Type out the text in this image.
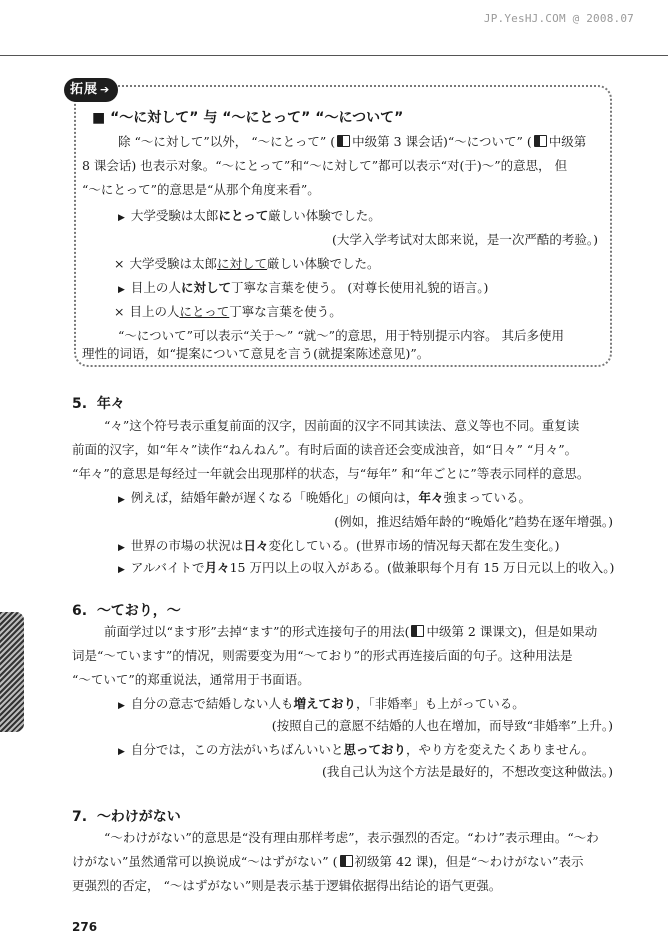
JP.YesHJ.COM @ 2008.07
拓展 ➔
■ “～に対して” 与 “～にとって” “～について”
除 “～に対して”以外， “～にとって” ( 中级第 3 课会话)“～について” ( 中级第
8 课会话) 也表示对象。“～にとって”和“～に対して”都可以表示“对(于)～”的意思， 但
“～にとって”的意思是“从那个角度来看”。
▶ 大学受験は太郎にとって厳しい体験でした。
(大学入学考试对太郎来说，是一次严酷的考验。)
× 大学受験は太郎に対して厳しい体験でした。
▶ 目上の人に対して丁寧な言葉を使う。 (对尊长使用礼貌的语言。)
× 目上の人にとって丁寧な言葉を使う。
“～について”可以表示“关于～” “就～”的意思，用于特别提示内容。 其后多使用
理性的词语，如“提案について意見を言う(就提案陈述意见)”。
5. 年々
“々”这个符号表示重复前面的汉字，因前面的汉字不同其读法、意义等也不同。重复读
前面的汉字，如“年々”读作“ねんねん”。有时后面的读音还会变成浊音，如“日々” “月々”。
“年々”的意思是每经过一年就会出现那样的状态，与“毎年” 和“年ごとに”等表示同样的意思。
▶ 例えば，結婚年齢が遅くなる「晩婚化」の傾向は，年々強まっている。
(例如，推迟结婚年龄的“晚婚化”趋势在逐年增强。)
▶ 世界の市場の状況は日々変化している。(世界市场的情况每天都在发生变化。)
▶ アルバイトで月々15 万円以上の収入がある。(做兼职每个月有 15 万日元以上的收入。)
6. ～ており，～
前面学过以“ます形”去掉“ます”的形式连接句子的用法( 中级第 2 课课文)，但是如果动
词是“～ています”的情况，则需要变为用“～ており”的形式再连接后面的句子。这种用法是
“～ていて”的郑重说法，通常用于书面语。
▶ 自分の意志で結婚しない人も増えており，「非婚率」も上がっている。
(按照自己的意愿不结婚的人也在增加，而导致“非婚率”上升。)
▶ 自分では，この方法がいちばんいいと思っており，やり方を変えたくありません。
(我自己认为这个方法是最好的，不想改变这种做法。)
7. ～わけがない
“～わけがない”的意思是“没有理由那样考虑”，表示强烈的否定。“わけ”表示理由。“～わ
けがない”虽然通常可以换说成“～はずがない” ( 初级第 42 课)，但是“～わけがない”表示
更强烈的否定， “～はずがない”则是表示基于逻辑依据得出结论的语气更强。
276
